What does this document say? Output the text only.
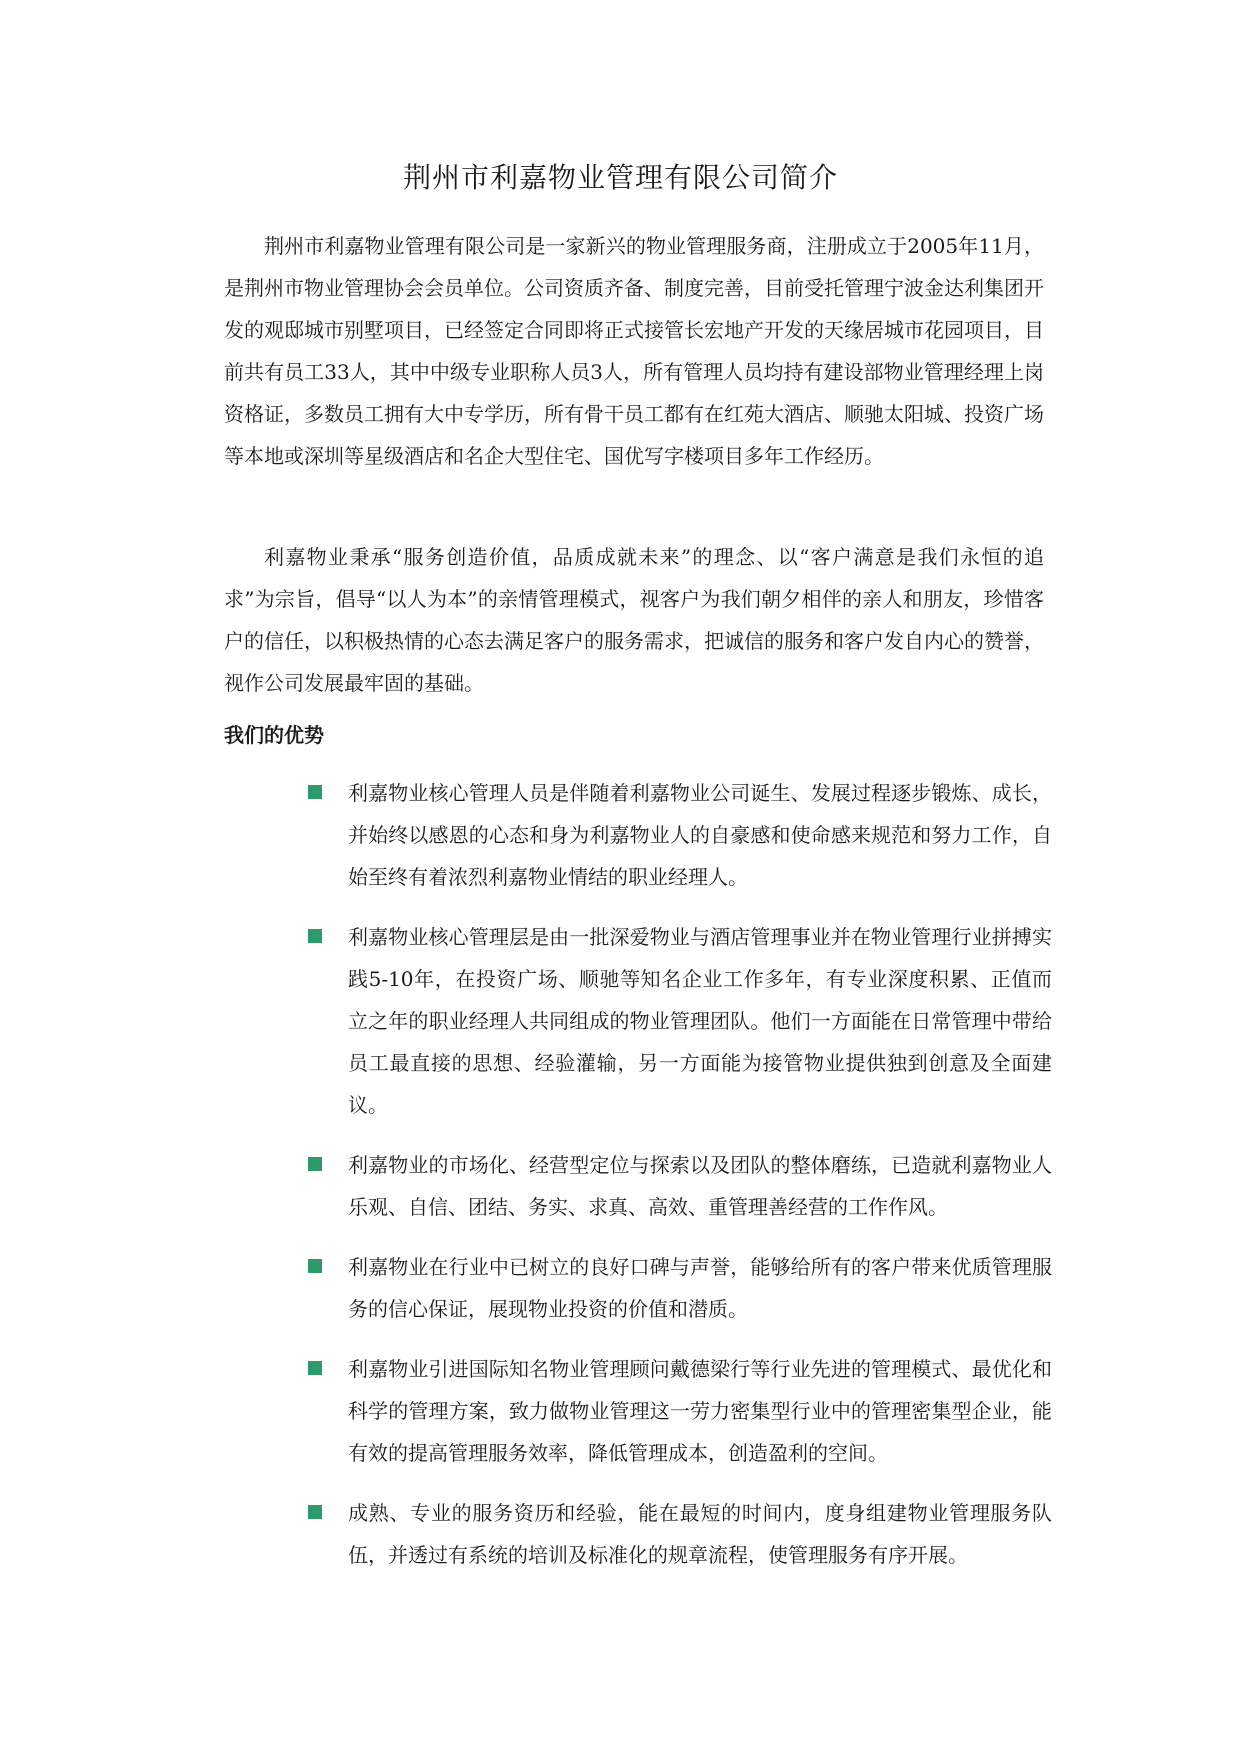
荆州市利嘉物业管理有限公司简介

荆州市利嘉物业管理有限公司是一家新兴的物业管理服务商，注册成立于2005年11月，是荆州市物业管理协会会员单位。公司资质齐备、制度完善，目前受托管理宁波金达利集团开发的观邸城市别墅项目，已经签定合同即将正式接管长宏地产开发的天缘居城市花园项目，目前共有员工33人，其中中级专业职称人员3人，所有管理人员均持有建设部物业管理经理上岗资格证，多数员工拥有大中专学历，所有骨干员工都有在红苑大酒店、顺驰太阳城、投资广场等本地或深圳等星级酒店和名企大型住宅、国优写字楼项目多年工作经历。

利嘉物业秉承“服务创造价值，品质成就未来”的理念、以“客户满意是我们永恒的追求”为宗旨，倡导“以人为本”的亲情管理模式，视客户为我们朝夕相伴的亲人和朋友，珍惜客户的信任，以积极热情的心态去满足客户的服务需求，把诚信的服务和客户发自内心的赞誉，视作公司发展最牢固的基础。

我们的优势
利嘉物业核心管理人员是伴随着利嘉物业公司诞生、发展过程逐步锻炼、成长，并始终以感恩的心态和身为利嘉物业人的自豪感和使命感来规范和努力工作，自始至终有着浓烈利嘉物业情结的职业经理人。
利嘉物业核心管理层是由一批深爱物业与酒店管理事业并在物业管理行业拼搏实践5-10年，在投资广场、顺驰等知名企业工作多年，有专业深度积累、正值而立之年的职业经理人共同组成的物业管理团队。他们一方面能在日常管理中带给员工最直接的思想、经验灌输，另一方面能为接管物业提供独到创意及全面建议。
利嘉物业的市场化、经营型定位与探索以及团队的整体磨练，已造就利嘉物业人乐观、自信、团结、务实、求真、高效、重管理善经营的工作作风。
利嘉物业在行业中已树立的良好口碑与声誉，能够给所有的客户带来优质管理服务的信心保证，展现物业投资的价值和潜质。
利嘉物业引进国际知名物业管理顾问戴德梁行等行业先进的管理模式、最优化和科学的管理方案，致力做物业管理这一劳力密集型行业中的管理密集型企业，能有效的提高管理服务效率，降低管理成本，创造盈利的空间。
成熟、专业的服务资历和经验，能在最短的时间内，度身组建物业管理服务队伍，并透过有系统的培训及标准化的规章流程，使管理服务有序开展。
